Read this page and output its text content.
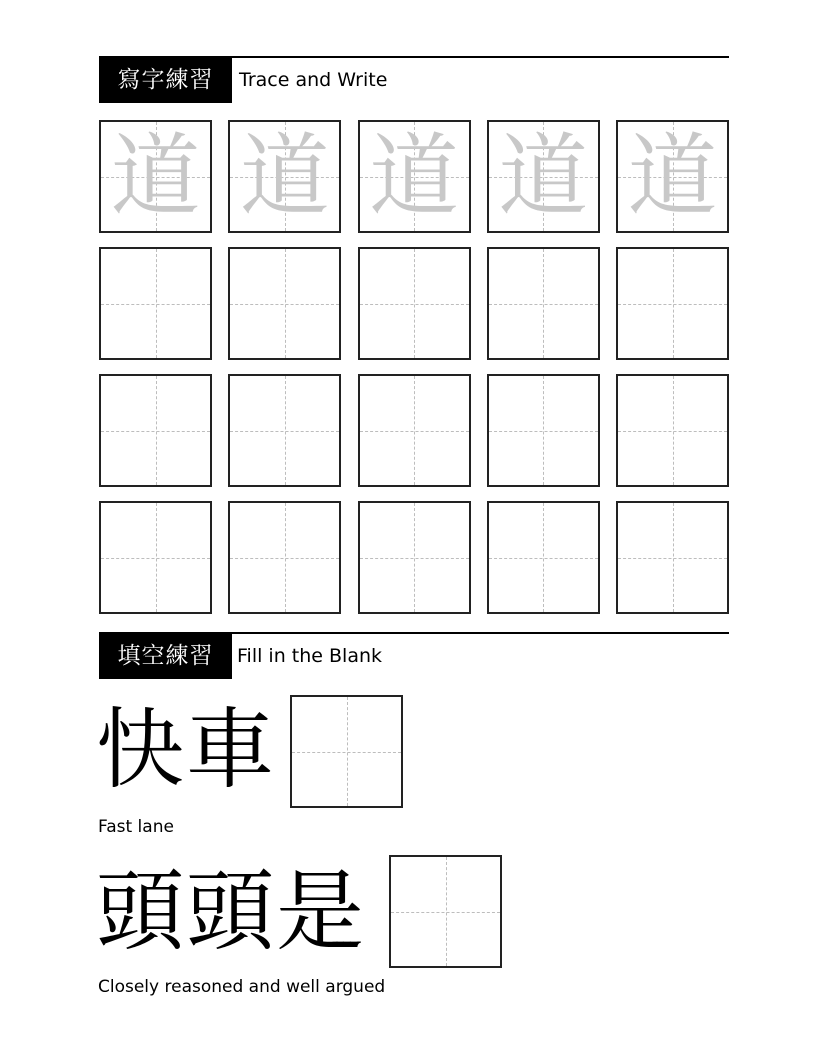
寫字練習	Trace and Write
道 道 道 道 道
填空練習	Fill in the Blank
快車
Fast lane
頭頭是
Closely reasoned and well argued
